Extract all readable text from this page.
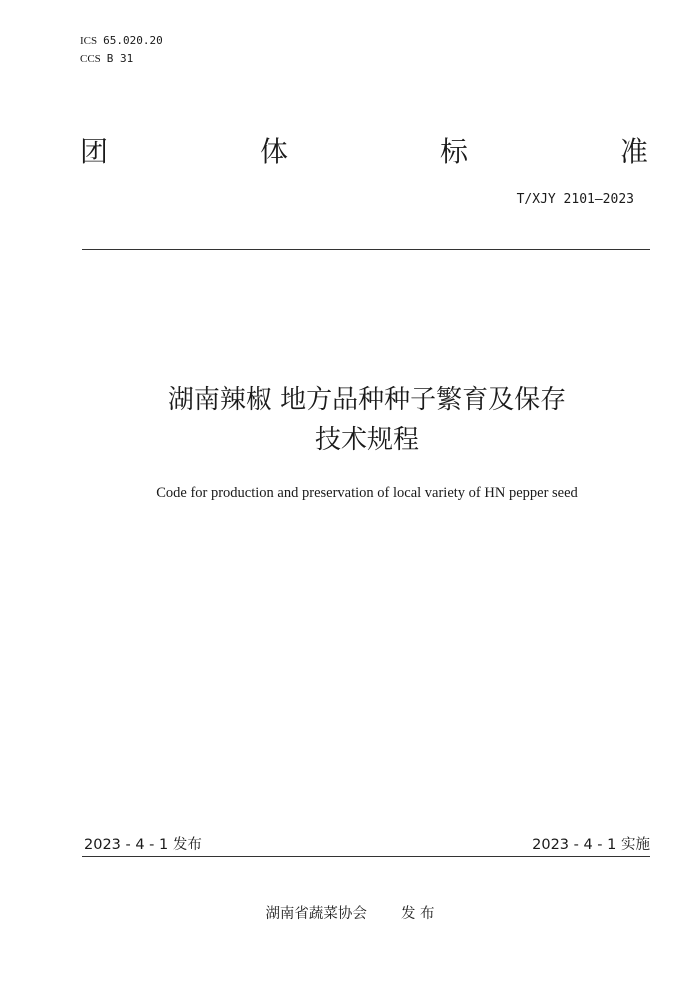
ICS 65.020.20
CCS B 31
团	体	标	准
T/XJY 2101—2023
湖南辣椒 地方品种种子繁育及保存
技术规程
Code for production and preservation of local variety of HN pepper seed
2023 - 4 - 1 发布	2023 - 4 - 1 实施
湖南省蔬菜协会 发 布
